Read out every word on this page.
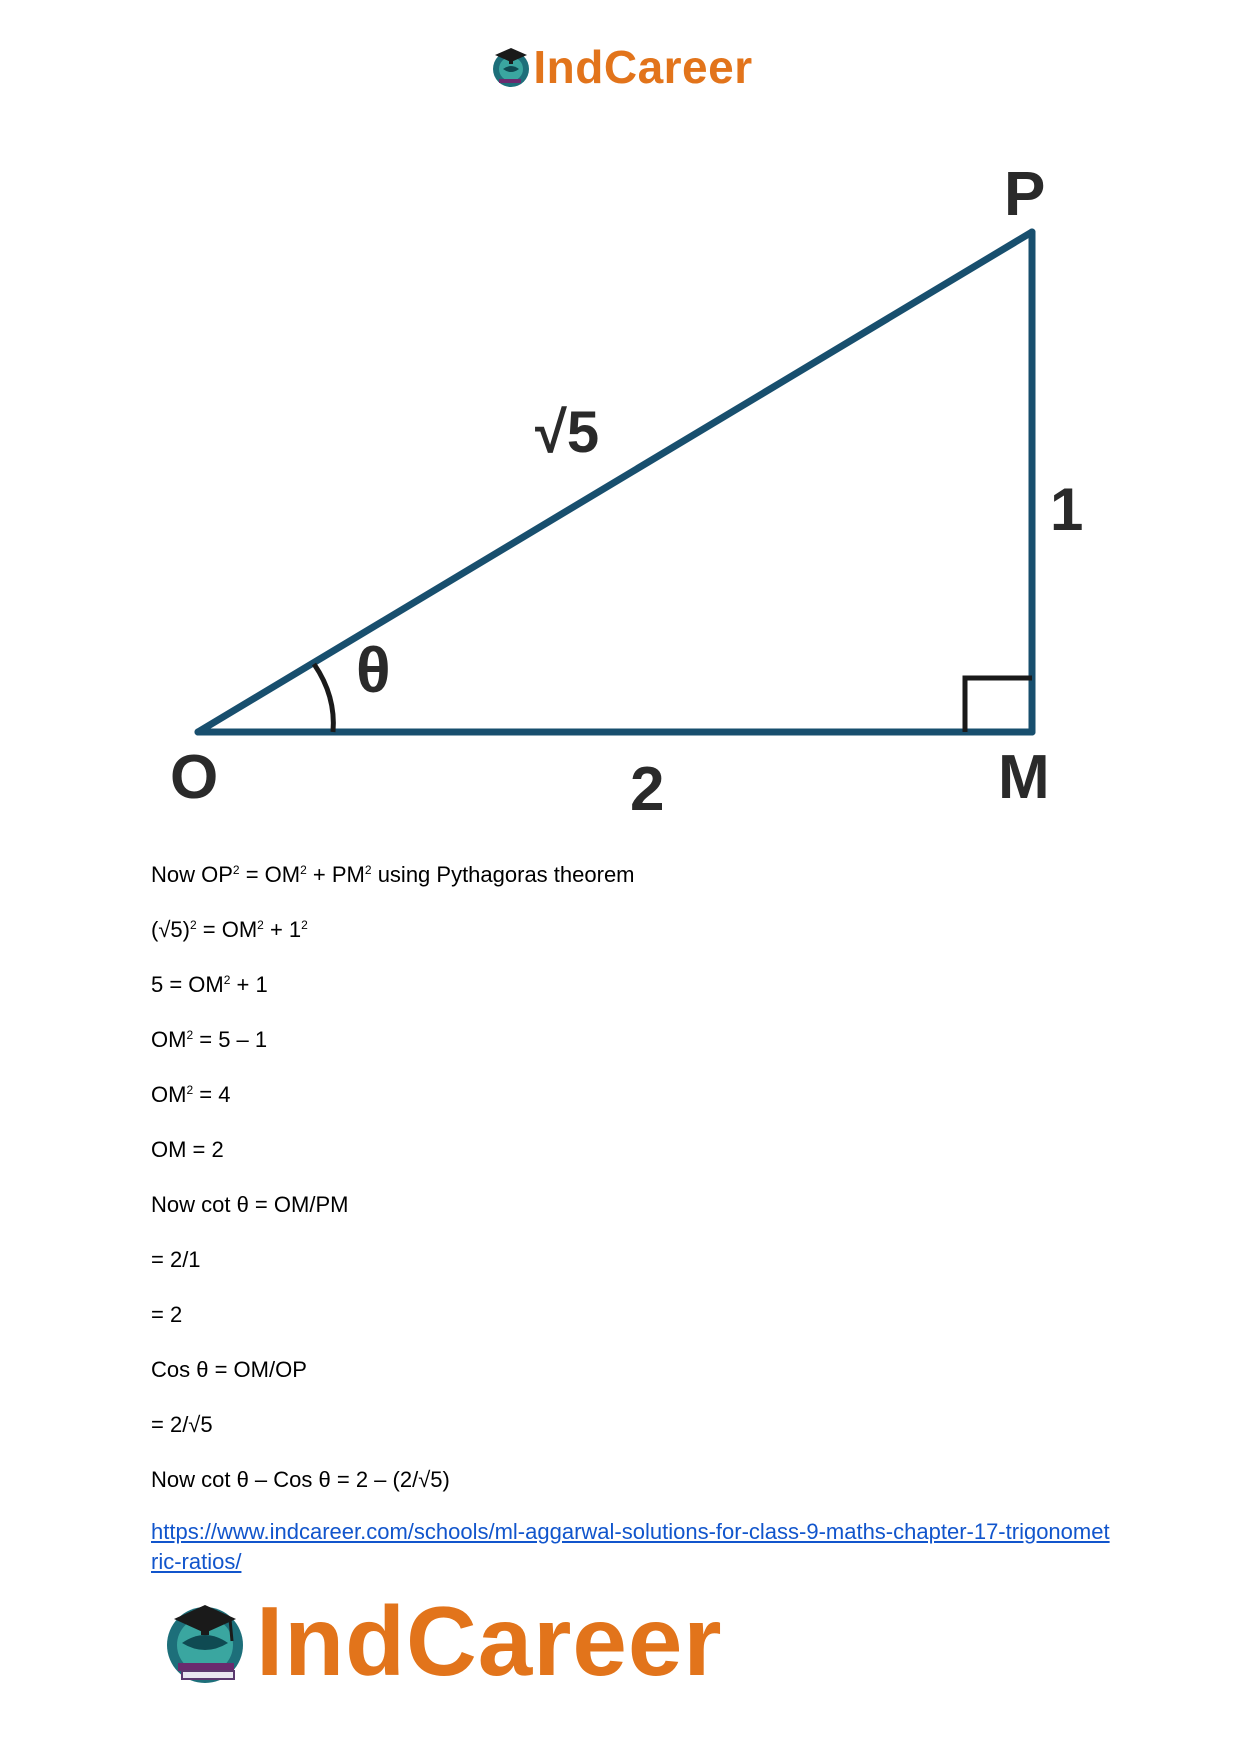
IndCareer
P
√5
1
θ
O	2	M
Now $OP^2 = OM^2 + PM^2$ using Pythagoras theorem
$(√5)^2 = OM^2 + 1^2$
$5 = OM^2 + 1$
$OM^2 = 5 - 1$
$OM^2 = 4$
OM = 2
Now cot θ = OM/PM
= 2/1
= 2
Cos θ = OM/OP
= 2/√5
Now cot θ – Cos θ = 2 – (2/√5)
https://www.indcareer.com/schools/ml-aggarwal-solutions-for-class-9-maths-chapter-17-trigonometric-ratios/
IndCareer
